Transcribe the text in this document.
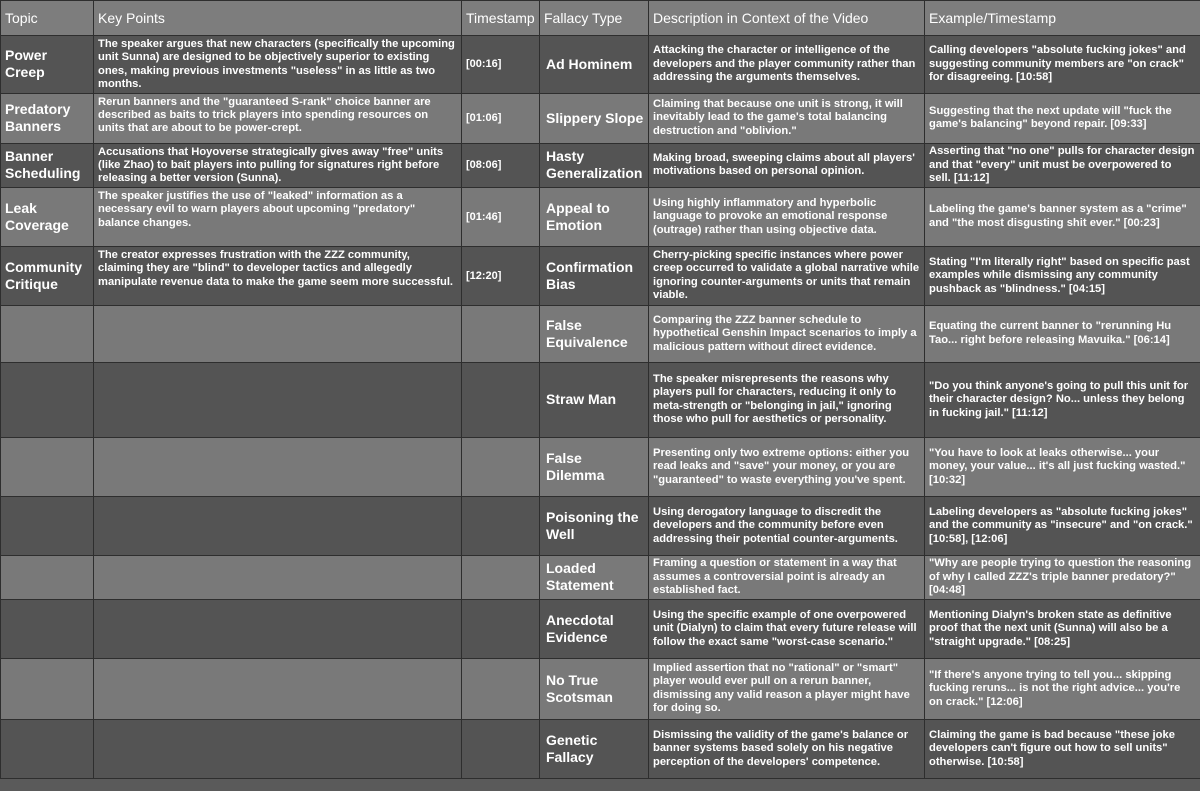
Topic	Key Points	Timestamp	Fallacy Type	Description in Context of the Video	Example/Timestamp
Power Creep	The speaker argues that new characters (specifically the upcoming unit Sunna) are designed to be objectively superior to existing ones, making previous investments "useless" in as little as two months.	[00:16]	Ad Hominem	Attacking the character or intelligence of the developers and the player community rather than addressing the arguments themselves.	Calling developers "absolute fucking jokes" and suggesting community members are "on crack" for disagreeing. [10:58]
Predatory Banners	Rerun banners and the "guaranteed S-rank" choice banner are described as baits to trick players into spending resources on units that are about to be power-crept.	[01:06]	Slippery Slope	Claiming that because one unit is strong, it will inevitably lead to the game's total balancing destruction and "oblivion."	Suggesting that the next update will "fuck the game's balancing" beyond repair. [09:33]
Banner Scheduling	Accusations that Hoyoverse strategically gives away "free" units (like Zhao) to bait players into pulling for signatures right before releasing a better version (Sunna).	[08:06]	Hasty Generalization	Making broad, sweeping claims about all players' motivations based on personal opinion.	Asserting that "no one" pulls for character design and that "every" unit must be overpowered to sell. [11:12]
Leak Coverage	The speaker justifies the use of "leaked" information as a necessary evil to warn players about upcoming "predatory" balance changes.	[01:46]	Appeal to Emotion	Using highly inflammatory and hyperbolic language to provoke an emotional response (outrage) rather than using objective data.	Labeling the game's banner system as a "crime" and "the most disgusting shit ever." [00:23]
Community Critique	The creator expresses frustration with the ZZZ community, claiming they are "blind" to developer tactics and allegedly manipulate revenue data to make the game seem more successful.	[12:20]	Confirmation Bias	Cherry-picking specific instances where power creep occurred to validate a global narrative while ignoring counter-arguments or units that remain viable.	Stating "I'm literally right" based on specific past examples while dismissing any community pushback as "blindness." [04:15]
			False Equivalence	Comparing the ZZZ banner schedule to hypothetical Genshin Impact scenarios to imply a malicious pattern without direct evidence.	Equating the current banner to "rerunning Hu Tao... right before releasing Mavuika." [06:14]
			Straw Man	The speaker misrepresents the reasons why players pull for characters, reducing it only to meta-strength or "belonging in jail," ignoring those who pull for aesthetics or personality.	"Do you think anyone's going to pull this unit for their character design? No... unless they belong in fucking jail." [11:12]
			False Dilemma	Presenting only two extreme options: either you read leaks and "save" your money, or you are "guaranteed" to waste everything you've spent.	"You have to look at leaks otherwise... your money, your value... it's all just fucking wasted." [10:32]
			Poisoning the Well	Using derogatory language to discredit the developers and the community before even addressing their potential counter-arguments.	Labeling developers as "absolute fucking jokes" and the community as "insecure" and "on crack." [10:58], [12:06]
			Loaded Statement	Framing a question or statement in a way that assumes a controversial point is already an established fact.	"Why are people trying to question the reasoning of why I called ZZZ's triple banner predatory?" [04:48]
			Anecdotal Evidence	Using the specific example of one overpowered unit (Dialyn) to claim that every future release will follow the exact same "worst-case scenario."	Mentioning Dialyn's broken state as definitive proof that the next unit (Sunna) will also be a "straight upgrade." [08:25]
			No True Scotsman	Implied assertion that no "rational" or "smart" player would ever pull on a rerun banner, dismissing any valid reason a player might have for doing so.	"If there's anyone trying to tell you... skipping fucking reruns... is not the right advice... you're on crack." [12:06]
			Genetic Fallacy	Dismissing the validity of the game's balance or banner systems based solely on his negative perception of the developers' competence.	Claiming the game is bad because "these joke developers can't figure out how to sell units" otherwise. [10:58]
